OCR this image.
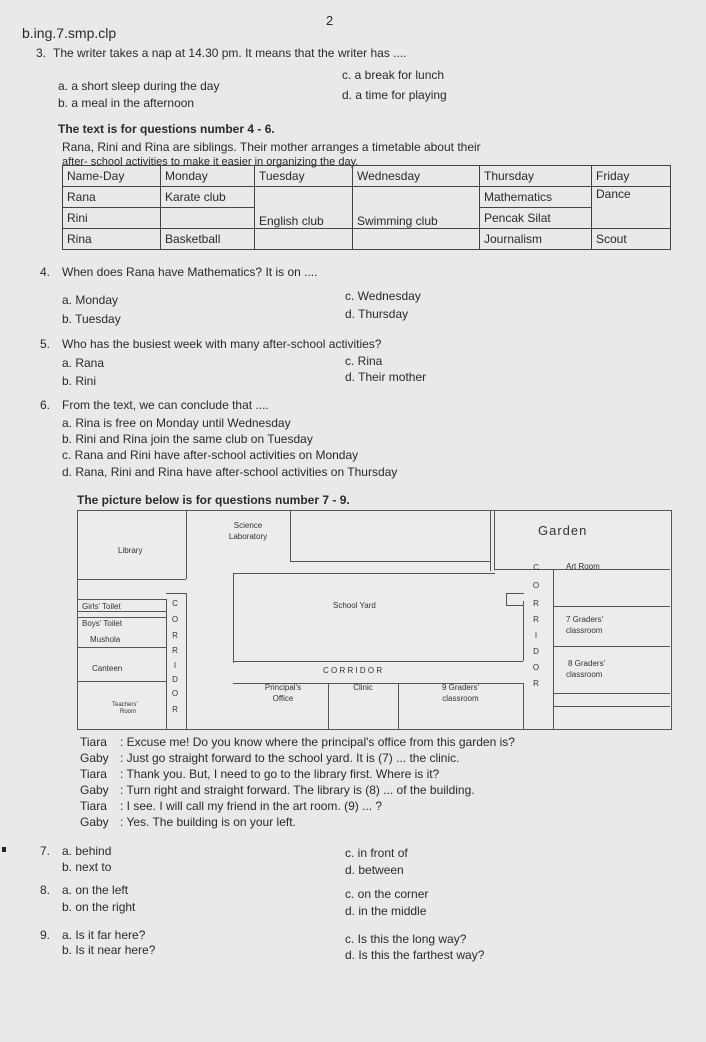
b.ing.7.smp.clp
2
3. The writer takes a nap at 14.30 pm. It means that the writer has ....
a. a short sleep during the day
b. a meal in the afternoon
c. a break for lunch
d. a time for playing
The text is for questions number 4 - 6.
Rana, Rini and Rina are siblings. Their mother arranges a timetable about their
after- school activities to make it easier in organizing the day.
Name-Day	Monday	Tuesday	Wednesday	Thursday	Friday
Rana	Karate club	English club	Swimming club	Mathematics	Dance
Rini				Pencak Silat	
Rina	Basketball			Journalism	Scout
4. When does Rana have Mathematics? It is on ....
a. Monday
b. Tuesday
c. Wednesday
d. Thursday
5. Who has the busiest week with many after-school activities?
a. Rana
b. Rini
c. Rina
d. Their mother
6. From the text, we can conclude that ....
a. Rina is free on Monday until Wednesday
b. Rini and Rina join the same club on Tuesday
c. Rana and Rini have after-school activities on Monday
d. Rana, Rini and Rina have after-school activities on Thursday
The picture below is for questions number 7 - 9.
Library
Science
Laboratory	Garden
Art Room
Girls' Toilet
Boys' Toilet
Mushola
Canteen
Teachers'
Room
School Yard
C O R R I D O R
7 Graders'
classroom
8 Graders'
classroom
Principal's
Office
Clinic	9 Graders'
classroom
C
O
R
R
I
D
O
R
C
O
R
R
I
D
O
R
Tiara : Excuse me! Do you know where the principal's office from this garden is?
Gaby : Just go straight forward to the school yard. It is (7) ... the clinic.
Tiara : Thank you. But, I need to go to the library first. Where is it?
Gaby : Turn right and straight forward. The library is (8) ... of the building.
Tiara : I see. I will call my friend in the art room. (9) ... ?
Gaby : Yes. The building is on your left.
7. a. behind
b. next to
c. in front of
d. between
8. a. on the left
b. on the right
c. on the corner
d. in the middle
9. a. Is it far here?
b. Is it near here?
c. Is this the long way?
d. Is this the farthest way?
